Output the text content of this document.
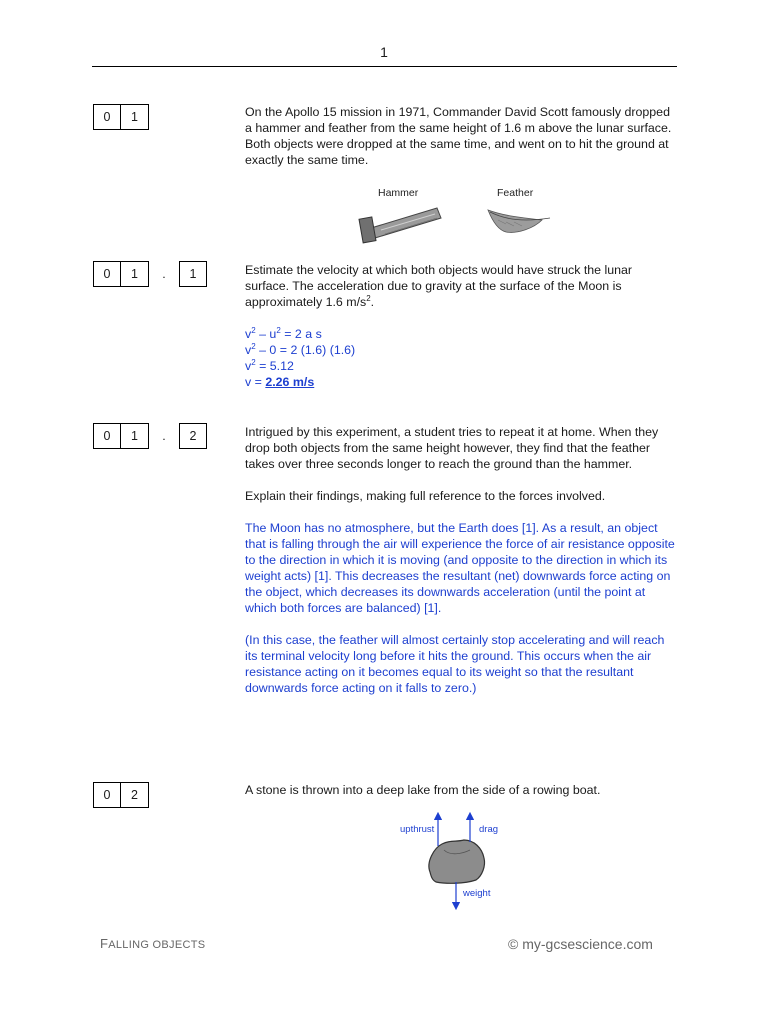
1
0	1	On the Apollo 15 mission in 1971, Commander David Scott famously dropped a hammer and feather from the same height of 1.6 m above the lunar surface. Both objects were dropped at the same time, and went on to hit the ground at exactly the same time.

Hammer	Feather
0	1	.	1	Estimate the velocity at which both objects would have struck the lunar surface. The acceleration due to gravity at the surface of the Moon is approximately 1.6 $m/s^2$.

$v^2 - u^2 = 2$ a s

$v^2 - 0 = 2$ (1.6) (1.6)

$v^2 = 5.12$

v = 2.26 m/s

0	1	.	2	Intrigued by this experiment, a student tries to repeat it at home. When they drop both objects from the same height however, they find that the feather takes over three seconds longer to reach the ground than the hammer.

Explain their findings, making full reference to the forces involved.

The Moon has no atmosphere, but the Earth does [1]. As a result, an object that is falling through the air will experience the force of air resistance opposite to the direction in which it is moving (and opposite to the direction in which its weight acts) [1]. This decreases the resultant (net) downwards force acting on the object, which decreases its downwards acceleration (until the point at which both forces are balanced) [1].

(In this case, the feather will almost certainly stop accelerating and will reach its terminal velocity long before it hits the ground. This occurs when the air resistance acting on it becomes equal to its weight so that the resultant downwards force acting on it falls to zero.)

0	2	A stone is thrown into a deep lake from the side of a rowing boat.

upthrust	drag
weight
FALLING OBJECTS	© my-gcsescience.com
